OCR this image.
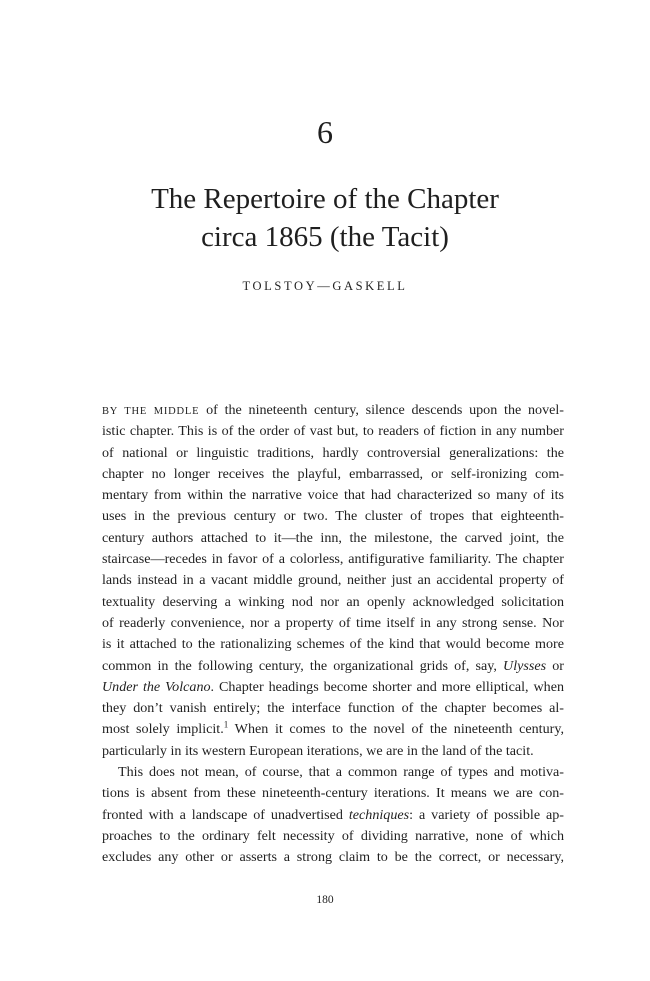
6
The Repertoire of the Chapter
circa 1865 (the Tacit)
TOLSTOY—GASKELL
BY THE MIDDLE of the nineteenth century, silence descends upon the novel-
istic chapter. This is of the order of vast but, to readers of fiction in any number
of national or linguistic traditions, hardly controversial generalizations: the
chapter no longer receives the playful, embarrassed, or self-ironizing com-
mentary from within the narrative voice that had characterized so many of its
uses in the previous century or two. The cluster of tropes that eighteenth-
century authors attached to it—the inn, the milestone, the carved joint, the
staircase—recedes in favor of a colorless, antifigurative familiarity. The chapter
lands instead in a vacant middle ground, neither just an accidental property of
textuality deserving a winking nod nor an openly acknowledged solicitation
of readerly convenience, nor a property of time itself in any strong sense. Nor
is it attached to the rationalizing schemes of the kind that would become more
common in the following century, the organizational grids of, say, Ulysses or
Under the Volcano. Chapter headings become shorter and more elliptical, when
they don’t vanish entirely; the interface function of the chapter becomes al-
most solely implicit.$^1$ When it comes to the novel of the nineteenth century,
particularly in its western European iterations, we are in the land of the tacit.
This does not mean, of course, that a common range of types and motiva-
tions is absent from these nineteenth-century iterations. It means we are con-
fronted with a landscape of unadvertised techniques: a variety of possible ap-
proaches to the ordinary felt necessity of dividing narrative, none of which
excludes any other or asserts a strong claim to be the correct, or necessary,
180
